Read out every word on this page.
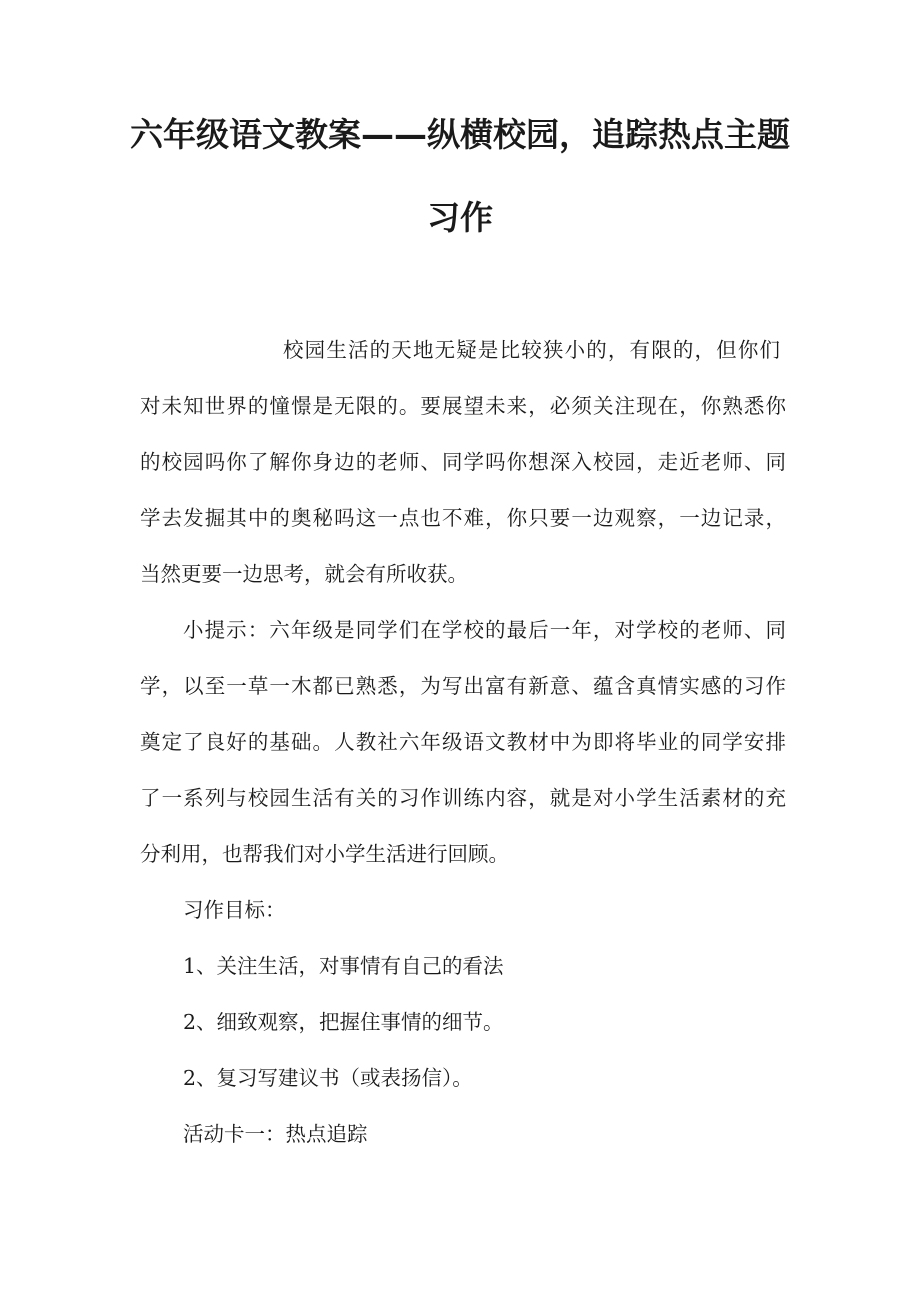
六年级语文教案——纵横校园，追踪热点主题
习作

校园生活的天地无疑是比较狭小的，有限的，但你们

对未知世界的憧憬是无限的。要展望未来，必须关注现在，你熟悉你

的校园吗你了解你身边的老师、同学吗你想深入校园，走近老师、同

学去发掘其中的奥秘吗这一点也不难，你只要一边观察，一边记录，

当然更要一边思考，就会有所收获。

小提示：六年级是同学们在学校的最后一年，对学校的老师、同

学，以至一草一木都已熟悉，为写出富有新意、蕴含真情实感的习作

奠定了良好的基础。人教社六年级语文教材中为即将毕业的同学安排

了一系列与校园生活有关的习作训练内容，就是对小学生活素材的充

分利用，也帮我们对小学生活进行回顾。

习作目标：

1、关注生活，对事情有自己的看法

2、细致观察，把握住事情的细节。

2、复习写建议书（或表扬信）。

活动卡一：热点追踪
